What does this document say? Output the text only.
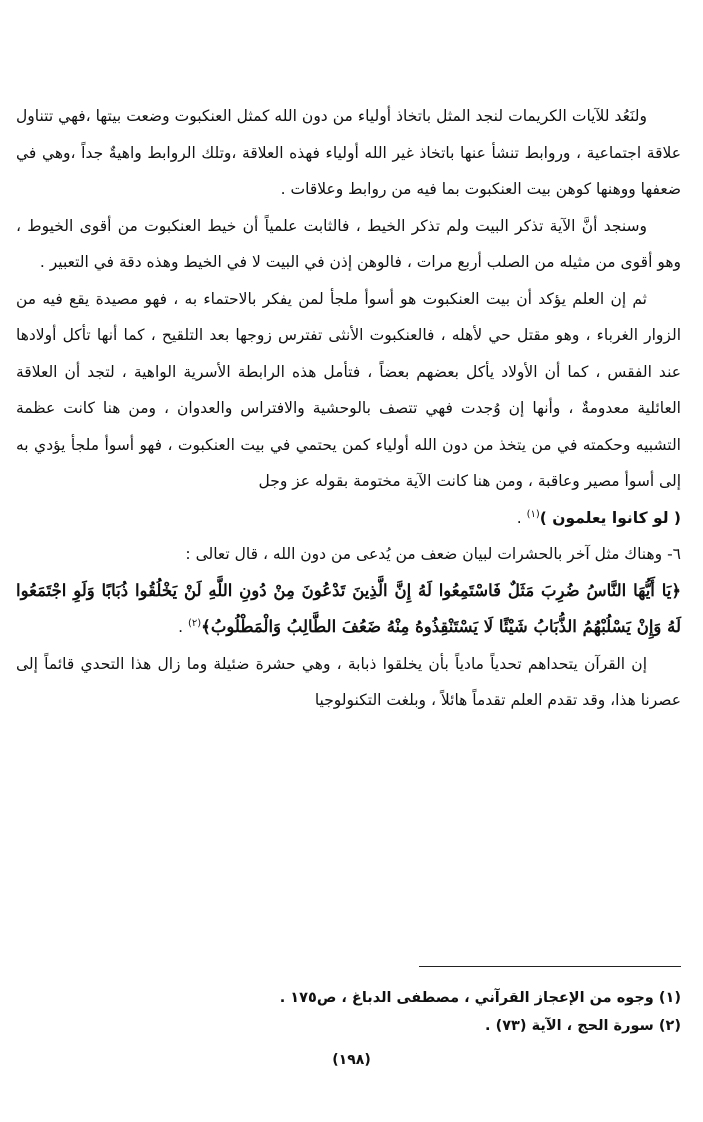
ولنَعُد للآيات الكريمات لنجد المثل باتخاذ أولياء من دون الله كمثل العنكبوت وضعت بيتها ،فهي تتناول علاقة اجتماعية ، وروابط تنشأ عنها باتخاذ غير الله أولياء فهذه العلاقة ،وتلك الروابط واهيةٌ جداً ،وهي في ضعفها ووهنها كوهن بيت العنكبوت بما فيه من روابط وعلاقات .

وسنجد أنَّ الآية تذكر البيت ولم تذكر الخيط ، فالثابت علمياً أن خيط العنكبوت من أقوى الخيوط ، وهو أقوى من مثيله من الصلب أربع مرات ، فالوهن إذن في البيت لا في الخيط وهذه دقة في التعبير .

ثم إن العلم يؤكد أن بيت العنكبوت هو أسوأ ملجأ لمن يفكر بالاحتماء به ، فهو مصيدة يقع فيه من الزوار الغرباء ، وهو مقتل حي لأهله ، فالعنكبوت الأنثى تفترس زوجها بعد التلقيح ، كما أنها تأكل أولادها عند الفقس ، كما أن الأولاد يأكل بعضهم بعضاً ، فتأمل هذه الرابطة الأسرية الواهية ، لتجد أن العلاقة العائلية معدومةٌ ، وأنها إن وُجدت فهي تتصف بالوحشية والافتراس والعدوان ، ومن هنا كانت عظمة التشبيه وحكمته في من يتخذ من دون الله أولياء كمن يحتمي في بيت العنكبوت ، فهو أسوأ ملجأ يؤدي به إلى أسوأ مصير وعاقبة ، ومن هنا كانت الآية مختومة بقوله عز وجل
( لو كانوا يعلمون )$^{(١)}$ .

٦- وهناك مثل آخر بالحشرات لبيان ضعف من يُدعى من دون الله ، قال تعالى :

﴿يَا أَيُّهَا النَّاسُ ضُرِبَ مَثَلٌ فَاسْتَمِعُوا لَهُ إِنَّ الَّذِينَ تَدْعُونَ مِنْ دُونِ اللَّهِ لَنْ يَخْلُقُوا ذُبَابًا وَلَوِ اجْتَمَعُوا لَهُ وَإِنْ يَسْلُبْهُمُ الذُّبَابُ شَيْئًا لَا يَسْتَنْقِذُوهُ مِنْهُ ضَعُفَ الطَّالِبُ وَالْمَطْلُوبُ﴾$^{(٢)}$ .

إن القرآن يتحداهم تحدياً مادياً بأن يخلقوا ذبابة ، وهي حشرة ضئيلة وما زال هذا التحدي قائماً إلى عصرنا هذا، وقد تقدم العلم تقدماً هائلاً ، وبلغت التكنولوجيا

(١) وجوه من الإعجاز القرآني ، مصطفى الدباغ ، ص١٧٥ .
(٢) سورة الحج ، الآية (٧٣) .
(١٩٨)
